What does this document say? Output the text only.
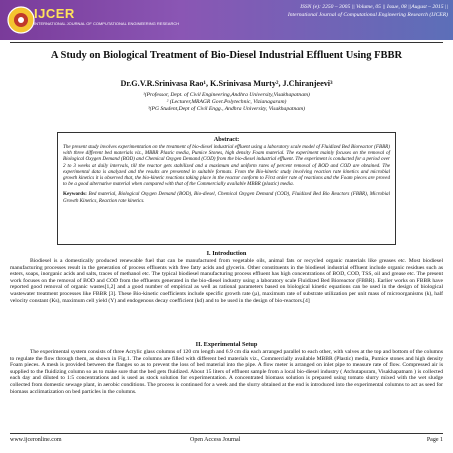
IJCER
INTERNATIONAL JOURNAL OF COMPUTATIONAL ENGINEERING RESEARCH
ISSN (e): 2250 – 3005 || Volume, 05 || Issue, 08 ||August – 2015 ||
International Journal of Computational Engineering Research (IJCER)
A Study on Biological Treatment of Bio-Diesel Industrial Effluent Using FBBR
Dr.G.V.R.Srinivasa Rao¹, K.Srinivasa Murty², J.Chiranjeevi³
¹(Professor, Dept. of Civil Engineering,Andhra University,Visakhapatnam)
² (Lecturer,MRAGR Govt.Polytechnic, Vizianagaram)
³(PG Student,Dept of Civil Engg., Andhra University, Visakhapatnam)
Abstract:
The present study involves experimentation on the treatment of bio-diesel industrial effluent using a laboratory scale model of Fluidized Bed Bioreactor (FBBR) with three different bed materials viz., MBBR Plastic media, Pumice Stones, high density Foam material. The experiment mainly focuses on the removal of Biological Oxygen Demand (BOD) and Chemical Oxygen Demand (COD) from the bio-diesel industrial effluent. The experiment is conducted for a period over 2 to 3 weeks at daily intervals, till the reactor gets stabilized and a maximum and uniform rates of percent removal of BOD and COD are obtained. The experimental data is analyzed and the results are presented in suitable formats. From the Bio-kinetic study involving reaction rate kinetics and microbial growth kinetics it is observed that, the bio-kinetic reactions taking place in the reactor conform to First order rate of reactions and the Foam pieces are proved to be a good alternative material when compared with that of the Commercially available MBBR (plastic) media.
Keywords: Bed material, Biological Oxygen Demand (BOD), Bio-diesel, Chemical Oxygen Demand (COD), Fluidized Bed Bio Reactors (FBBR), Microbial Growth Kinetics, Reaction rate kinetics.
I. Introduction
Biodiesel is a domestically produced renewable fuel that can be manufactured from vegetable oils, animal fats or recycled organic materials like greases etc. Most biodiesel manufacturing processes result in the generation of process effluents with free fatty acids and glycerin. Other constituents in the biodiesel industrial effluent include organic residues such as esters, soaps, inorganic acids and salts, traces of methanol etc. The typical biodiesel manufacturing process effluent has high concentrations of BOD, COD, TSS, oil and grease etc. The present work focuses on the removal of BOD and COD from the effluents generated in the bio-diesel industry using a laboratory scale Fluidized Bed Bioreactor (FBBR). Earlier works on FBBR have reported good removal of organic wastes[1,2] and a good number of empirical as well as rational parameters based on biological kinetic equations can be used in the design of biological wastewater treatment processes like FBBR [3]. These Bio-kinetic coefficients include specific growth rate (µ), maximum rate of substrate utilization per unit mass of microorganisms (k), half velocity constant (Ks), maximum cell yield (Y) and endogenous decay coefficient (kd) and to be used in the design of bio-reactors.[4]
II. Experimental Setup
The experimental system consists of three Acrylic glass columns of 120 cm length and 6.9 cm dia each arranged parallel to each other, with valves at the top and bottom of the columns to regulate the flow through them, as shown in Fig.1. The columns are filled with different bed materials viz., Commercially available MBBR (Plastic) media, Pumice stones and high density Foam pieces. A mesh is provided between the flanges so as to prevent the loss of bed material into the pipe. A flow meter is arranged on inlet pipe to measure rate of flow. Compressed air is supplied to the fluidizing column so as to make sure that the bed gets fluidized. About 15 liters of effluent sample from a local bio-diesel industry ( Atchutapuram, Visakhapatnam ) is collected each day and diluted to 1:5 concentrations and is used as stock solution for experimentation. A concentrated biomass solution is prepared using tomato slurry mixed with the wet sludge collected from domestic sewage plant, in aerobic conditions. The process is continued for a week and the slurry obtained at the end is introduced into the experimental columns to act as seed for biomass acclimatization on bed particles in the columns.
www.ijceronline.com	Open Access Journal	Page 1
